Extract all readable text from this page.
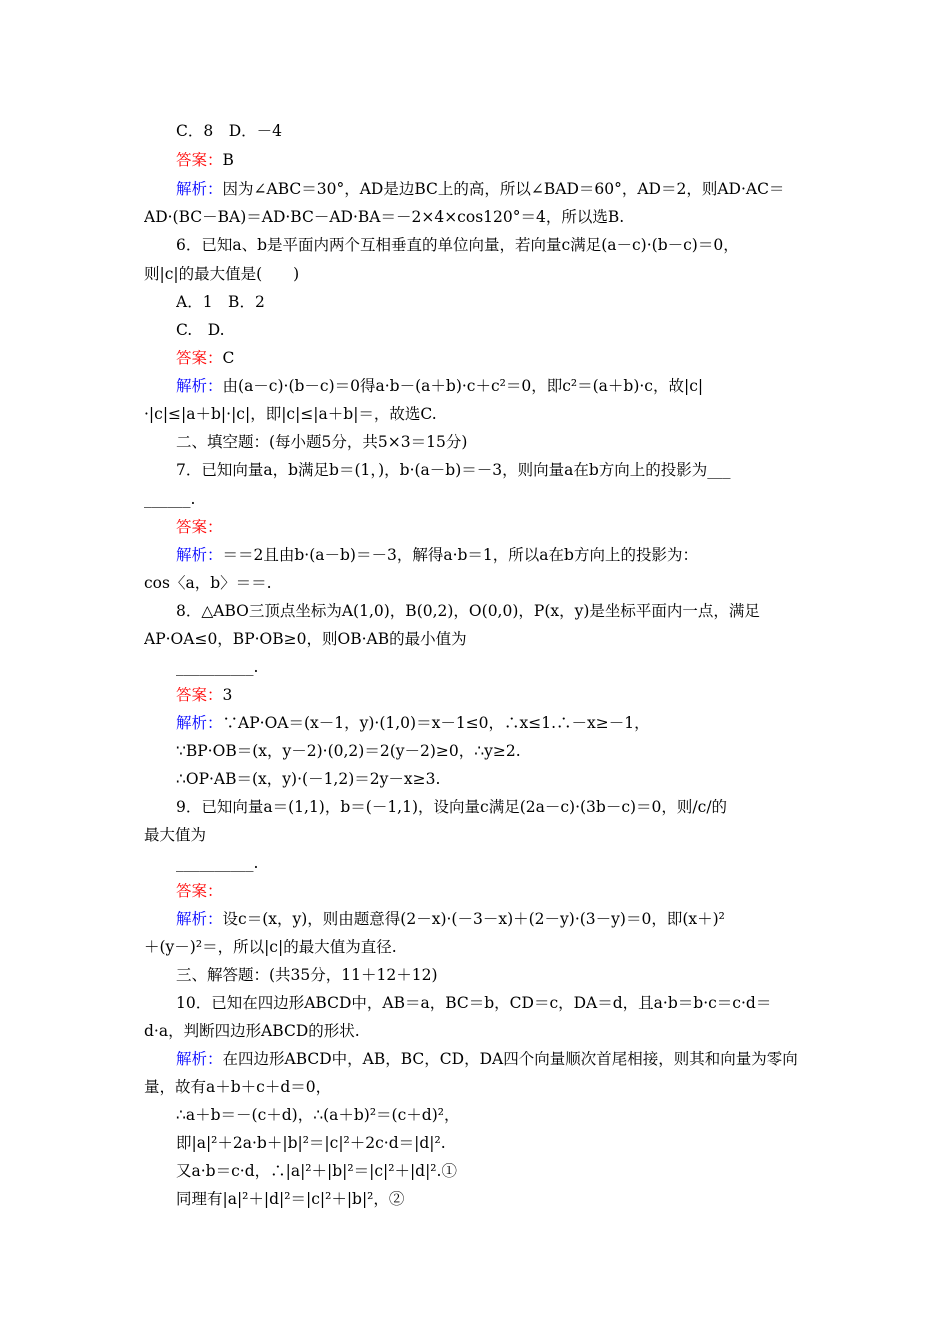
C．8　D．－4
答案：B
解析：因为∠ABC＝30°，AD是边BC上的高，所以∠BAD＝60°，AD＝2，则AD·AC＝
AD·(BC－BA)＝AD·BC－AD·BA＝－2×4×cos120°＝4，所以选B.
6．已知a、b是平面内两个互相垂直的单位向量，若向量c满足(a－c)·(b－c)＝0，
则|c|的最大值是(　　)
A．1　B．2
C.　D.
答案：C
解析：由(a－c)·(b－c)＝0得a·b－(a＋b)·c＋c²＝0，即c²＝(a＋b)·c，故|c|
·|c|≤|a＋b|·|c|，即|c|≤|a＋b|＝，故选C.
二、填空题：(每小题5分，共5×3＝15分)
7．已知向量a，b满足b＝(1，)，b·(a－b)＝－3，则向量a在b方向上的投影为___
______.
答案：
解析：＝＝2且由b·(a－b)＝－3，解得a·b＝1，所以a在b方向上的投影为：
cos〈a，b〉＝＝.
8．△ABO三顶点坐标为A(1,0)，B(0,2)，O(0,0)，P(x，y)是坐标平面内一点，满足
AP·OA≤0，BP·OB≥0，则OB·AB的最小值为
__________.
答案：3
解析：∵AP·OA＝(x－1，y)·(1,0)＝x－1≤0，∴x≤1.∴－x≥－1，
∵BP·OB＝(x，y－2)·(0,2)＝2(y－2)≥0，∴y≥2.
∴OP·AB＝(x，y)·(－1,2)＝2y－x≥3.
9．已知向量a＝(1,1)，b＝(－1,1)，设向量c满足(2a－c)·(3b－c)＝0，则/c/的
最大值为
__________.
答案：
解析：设c＝(x，y)，则由题意得(2－x)·(－3－x)＋(2－y)·(3－y)＝0，即(x＋)²
＋(y－)²＝，所以|c|的最大值为直径.
三、解答题：(共35分，11＋12＋12)
10．已知在四边形ABCD中，AB＝a，BC＝b，CD＝c，DA＝d，且a·b＝b·c＝c·d＝
d·a，判断四边形ABCD的形状.
解析：在四边形ABCD中，AB，BC，CD，DA四个向量顺次首尾相接，则其和向量为零向
量，故有a＋b＋c＋d＝0，
∴a＋b＝－(c＋d)，∴(a＋b)²＝(c＋d)²，
即|a|²＋2a·b＋|b|²＝|c|²＋2c·d＝|d|².
又a·b＝c·d，∴|a|²＋|b|²＝|c|²＋|d|².①
同理有|a|²＋|d|²＝|c|²＋|b|²，②
